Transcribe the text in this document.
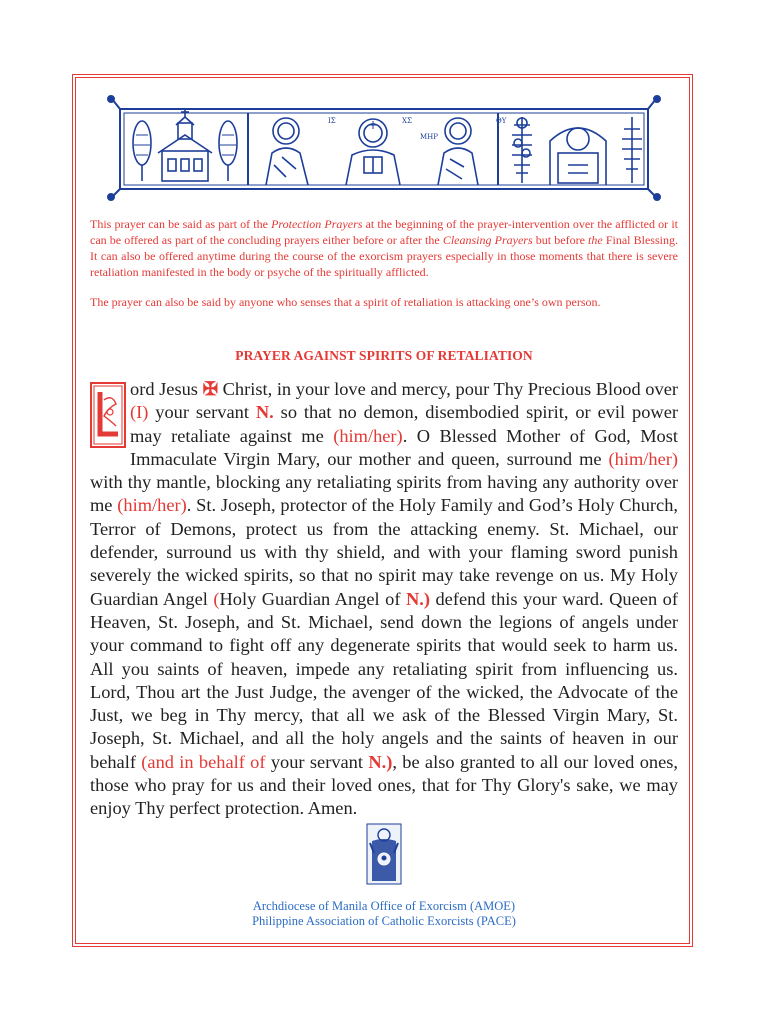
ΙΣ	ΧΣ
ΜΗΡ
ΘΥ

This prayer can be said as part of the Protection Prayers at the beginning of the prayer-intervention over the afflicted or it can be offered as part of the concluding prayers either before or after the Cleansing Prayers but before the Final Blessing. It can also be offered anytime during the course of the exorcism prayers especially in those moments that there is severe retaliation manifested in the body or psyche of the spiritually afflicted.

The prayer can also be said by anyone who senses that a spirit of retaliation is attacking one’s own person.

PRAYER AGAINST SPIRITS OF RETALIATION

L
ord Jesus ✠ Christ, in your love and mercy, pour Thy Precious Blood over (I) your servant N. so that no demon, disembodied spirit, or evil power may retaliate against me (him/her). O Blessed Mother of God, Most Immaculate Virgin Mary, our mother and queen, surround me (him/her) with thy mantle, blocking any retaliating spirits from having any authority over me (him/her). St. Joseph, protector of the Holy Family and God’s Holy Church, Terror of Demons, protect us from the attacking enemy. St. Michael, our defender, surround us with thy shield, and with your flaming sword punish severely the wicked spirits, so that no spirit may take revenge on us. My Holy Guardian Angel (Holy Guardian Angel of N.) defend this your ward. Queen of Heaven, St. Joseph, and St. Michael, send down the legions of angels under your command to fight off any degenerate spirits that would seek to harm us. All you saints of heaven, impede any retaliating spirit from influencing us. Lord, Thou art the Just Judge, the avenger of the wicked, the Advocate of the Just, we beg in Thy mercy, that all we ask of the Blessed Virgin Mary, St. Joseph, St. Michael, and all the holy angels and the saints of heaven in our behalf (and in behalf of your servant N.), be also granted to all our loved ones, those who pray for us and their loved ones, that for Thy Glory's sake, we may enjoy Thy perfect protection. Amen.

Archdiocese of Manila Office of Exorcism (AMOE)

Philippine Association of Catholic Exorcists (PACE)
